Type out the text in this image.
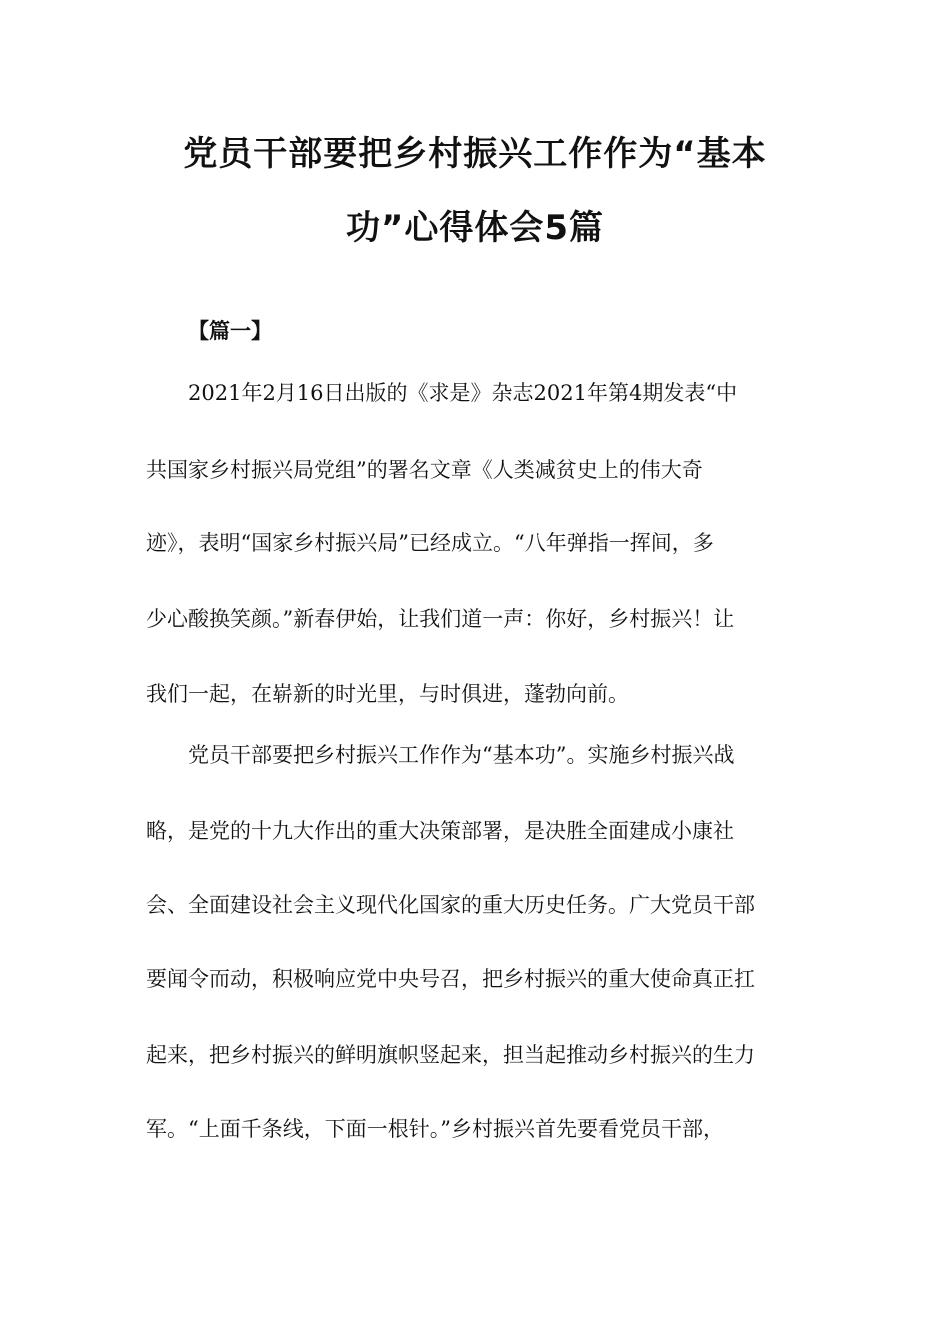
党员干部要把乡村振兴工作作为“基本
功”心得体会5篇
【篇一】
2021年2月16日出版的《求是》杂志2021年第4期发表“中
共国家乡村振兴局党组”的署名文章《人类减贫史上的伟大奇
迹》，表明“国家乡村振兴局”已经成立。“八年弹指一挥间，多
少心酸换笑颜。”新春伊始，让我们道一声：你好，乡村振兴！让
我们一起，在崭新的时光里，与时俱进，蓬勃向前。
党员干部要把乡村振兴工作作为“基本功”。实施乡村振兴战
略，是党的十九大作出的重大决策部署，是决胜全面建成小康社
会、全面建设社会主义现代化国家的重大历史任务。广大党员干部
要闻令而动，积极响应党中央号召，把乡村振兴的重大使命真正扛
起来，把乡村振兴的鲜明旗帜竖起来，担当起推动乡村振兴的生力
军。“上面千条线，下面一根针。”乡村振兴首先要看党员干部，
